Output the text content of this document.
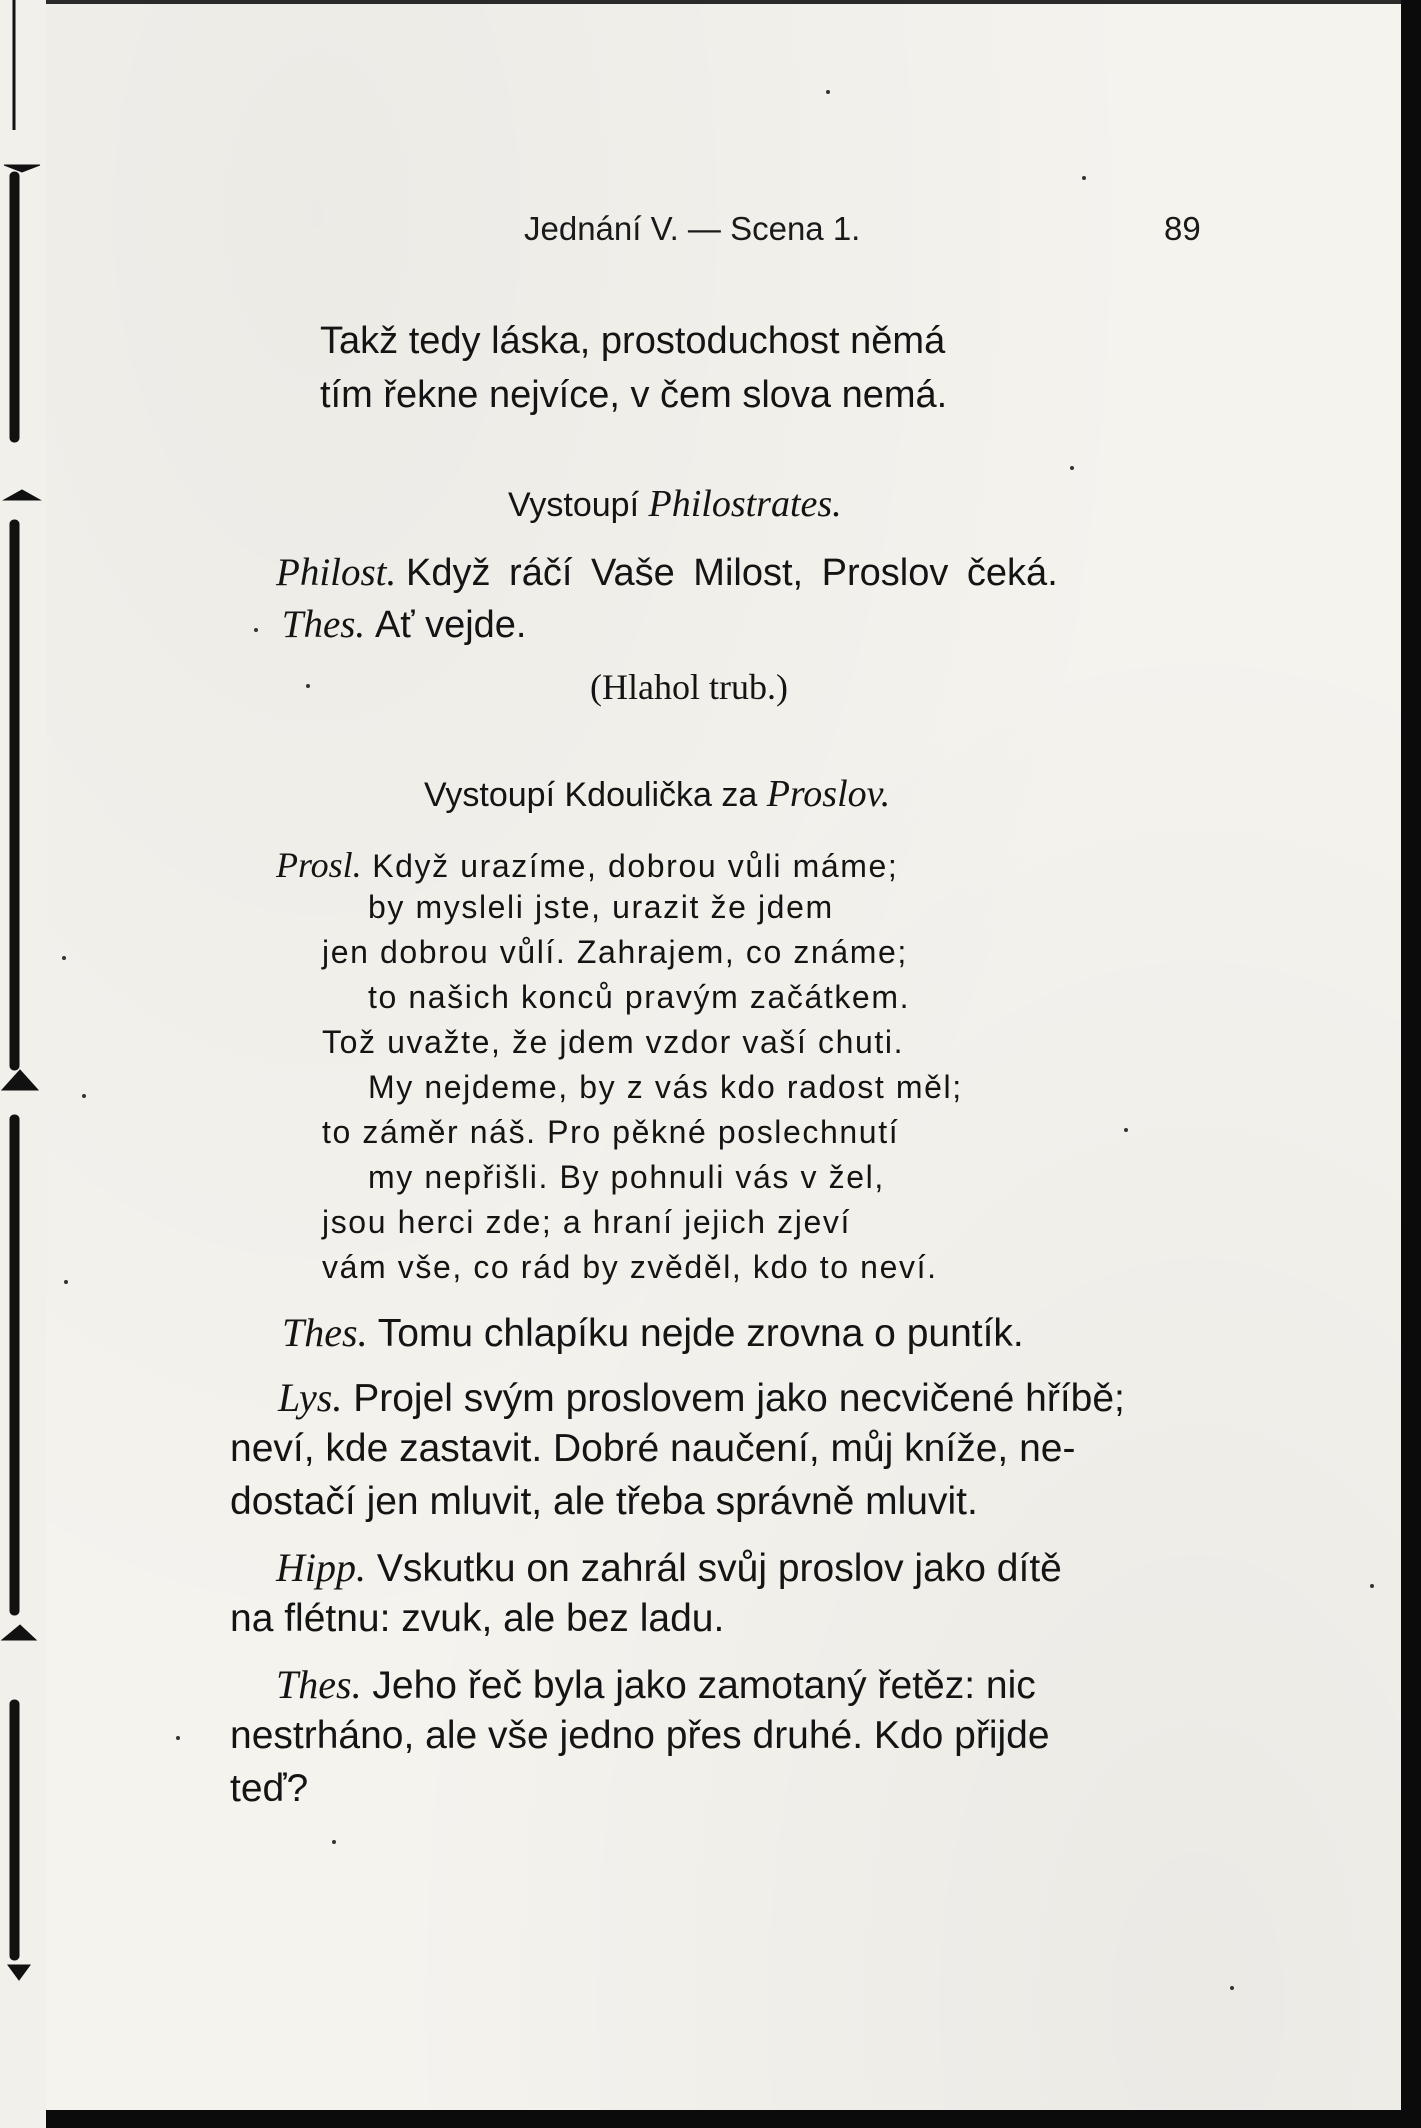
Jednání V. — Scena 1.	89
Takž tedy láska, prostoduchost němá
tím řekne nejvíce, v čem slova nemá.
Vystoupí Philostrates.
Philost. Když ráčí Vaše Milost, Proslov čeká.
Thes. Ať vejde.
(Hlahol trub.)
Vystoupí Kdoulička za Proslov.
Prosl. Když urazíme, dobrou vůli máme;
by mysleli jste, urazit že jdem
jen dobrou vůlí. Zahrajem, co známe;
to našich konců pravým začátkem.
Tož uvažte, že jdem vzdor vaší chuti.
My nejdeme, by z vás kdo radost měl;
to záměr náš. Pro pěkné poslechnutí
my nepřišli. By pohnuli vás v žel,
jsou herci zde; a hraní jejich zjeví
vám vše, co rád by zvěděl, kdo to neví.
Thes. Tomu chlapíku nejde zrovna o puntík.
Lys. Projel svým proslovem jako necvičené hříbě;
neví, kde zastavit. Dobré naučení, můj kníže, ne-
dostačí jen mluvit, ale třeba správně mluvit.
Hipp. Vskutku on zahrál svůj proslov jako dítě
na flétnu: zvuk, ale bez ladu.
Thes. Jeho řeč byla jako zamotaný řetěz: nic
nestrháno, ale vše jedno přes druhé. Kdo přijde
teď?
